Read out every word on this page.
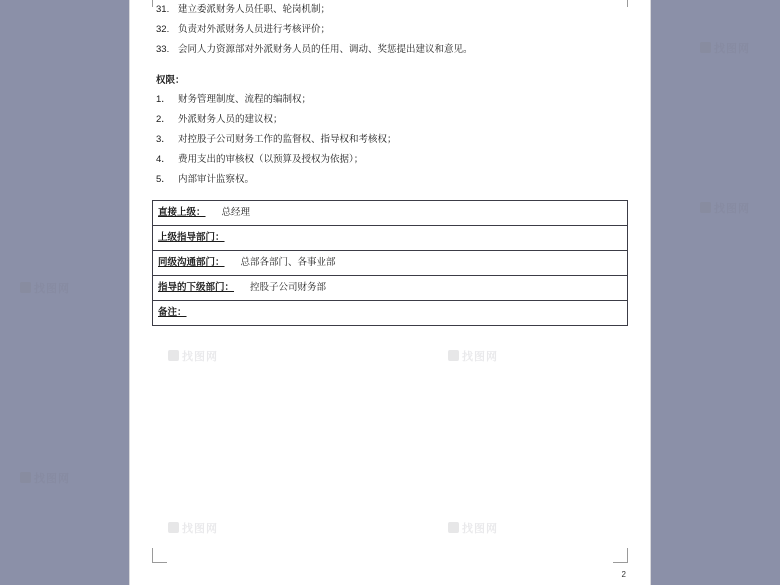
31. 建立委派财务人员任职、轮岗机制；
32. 负责对外派财务人员进行考核评价；
33. 会同人力资源部对外派财务人员的任用、调动、奖惩提出建议和意见。
权限：
1． 财务管理制度、流程的编制权；
2． 外派财务人员的建议权；
3． 对控股子公司财务工作的监督权、指导权和考核权；
4． 费用支出的审核权（以预算及授权为依据）；
5． 内部审计监察权。
直接上级： 总经理
上级指导部门：
同级沟通部门： 总部各部门、各事业部
指导的下级部门： 控股子公司财务部
备注：
2
找图网
找图网
找图网
找图网
